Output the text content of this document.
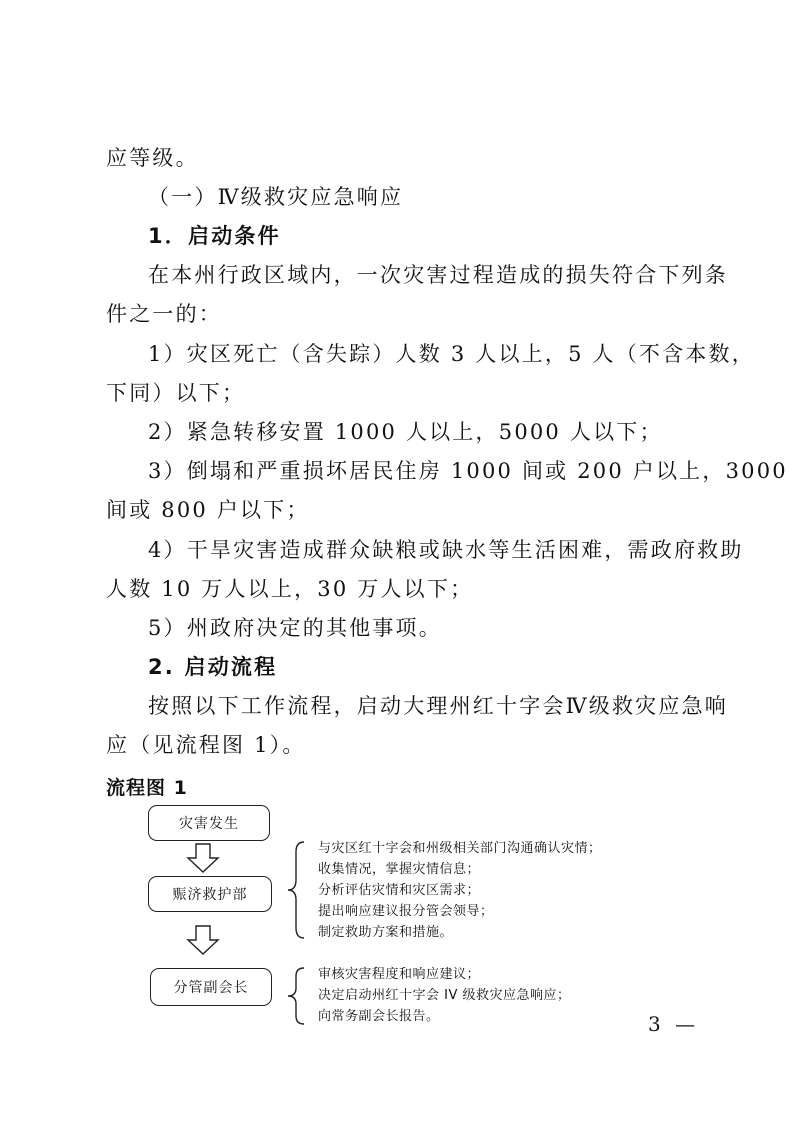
应等级。
（一）Ⅳ级救灾应急响应
1．启动条件
在本州行政区域内，一次灾害过程造成的损失符合下列条
件之一的：
1）灾区死亡（含失踪）人数 3 人以上，5 人（不含本数，
下同）以下；
2）紧急转移安置 1000 人以上，5000 人以下；
3）倒塌和严重损坏居民住房 1000 间或 200 户以上，3000
间或 800 户以下；
4）干旱灾害造成群众缺粮或缺水等生活困难，需政府救助
人数 10 万人以上，30 万人以下；
5）州政府决定的其他事项。
2. 启动流程
按照以下工作流程，启动大理州红十字会Ⅳ级救灾应急响
应（见流程图 1）。
流程图 1
灾害发生
赈济救护部
与灾区红十字会和州级相关部门沟通确认灾情；
收集情况，掌握灾情信息；
分析评估灾情和灾区需求；
提出响应建议报分管会领导；
制定救助方案和措施。
分管副会长
审核灾害程度和响应建议；
决定启动州红十字会 IV 级救灾应急响应；
向常务副会长报告。	3 —
